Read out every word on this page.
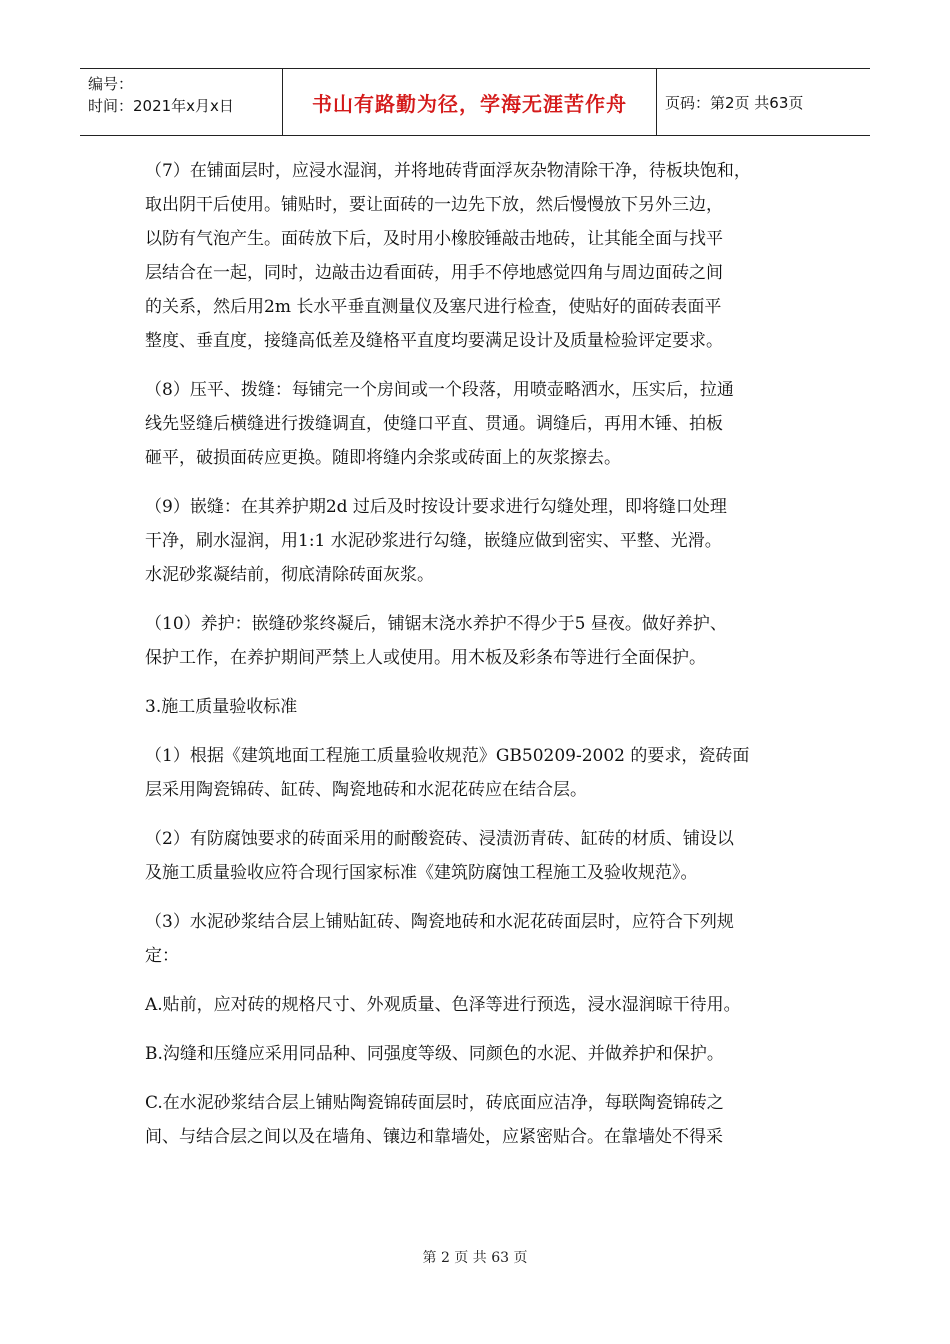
编号：
时间：2021年x月x日	书山有路勤为径，学海无涯苦作舟	页码：第2页 共63页

（7）在铺面层时，应浸水湿润，并将地砖背面浮灰杂物清除干净，待板块饱和，
取出阴干后使用。铺贴时，要让面砖的一边先下放，然后慢慢放下另外三边，
以防有气泡产生。面砖放下后，及时用小橡胶锤敲击地砖，让其能全面与找平
层结合在一起，同时，边敲击边看面砖，用手不停地感觉四角与周边面砖之间
的关系，然后用2m 长水平垂直测量仪及塞尺进行检查，使贴好的面砖表面平
整度、垂直度，接缝高低差及缝格平直度均要满足设计及质量检验评定要求。

（8）压平、拨缝：每铺完一个房间或一个段落，用喷壶略洒水，压实后，拉通
线先竖缝后横缝进行拨缝调直，使缝口平直、贯通。调缝后，再用木锤、拍板
砸平，破损面砖应更换。随即将缝内余浆或砖面上的灰浆擦去。

（9）嵌缝：在其养护期2d 过后及时按设计要求进行勾缝处理，即将缝口处理
干净，刷水湿润，用1:1 水泥砂浆进行勾缝，嵌缝应做到密实、平整、光滑。
水泥砂浆凝结前，彻底清除砖面灰浆。

（10）养护：嵌缝砂浆终凝后，铺锯末浇水养护不得少于5 昼夜。做好养护、
保护工作，在养护期间严禁上人或使用。用木板及彩条布等进行全面保护。

3.施工质量验收标准

（1）根据《建筑地面工程施工质量验收规范》GB50209-2002 的要求，瓷砖面
层采用陶瓷锦砖、缸砖、陶瓷地砖和水泥花砖应在结合层。

（2）有防腐蚀要求的砖面采用的耐酸瓷砖、浸渍沥青砖、缸砖的材质、铺设以
及施工质量验收应符合现行国家标准《建筑防腐蚀工程施工及验收规范》。

（3）水泥砂浆结合层上铺贴缸砖、陶瓷地砖和水泥花砖面层时，应符合下列规
定：

A.贴前，应对砖的规格尺寸、外观质量、色泽等进行预选，浸水湿润晾干待用。

B.沟缝和压缝应采用同品种、同强度等级、同颜色的水泥、并做养护和保护。

C.在水泥砂浆结合层上铺贴陶瓷锦砖面层时，砖底面应洁净，每联陶瓷锦砖之
间、与结合层之间以及在墙角、镶边和靠墙处，应紧密贴合。在靠墙处不得采

第 2 页 共 63 页
